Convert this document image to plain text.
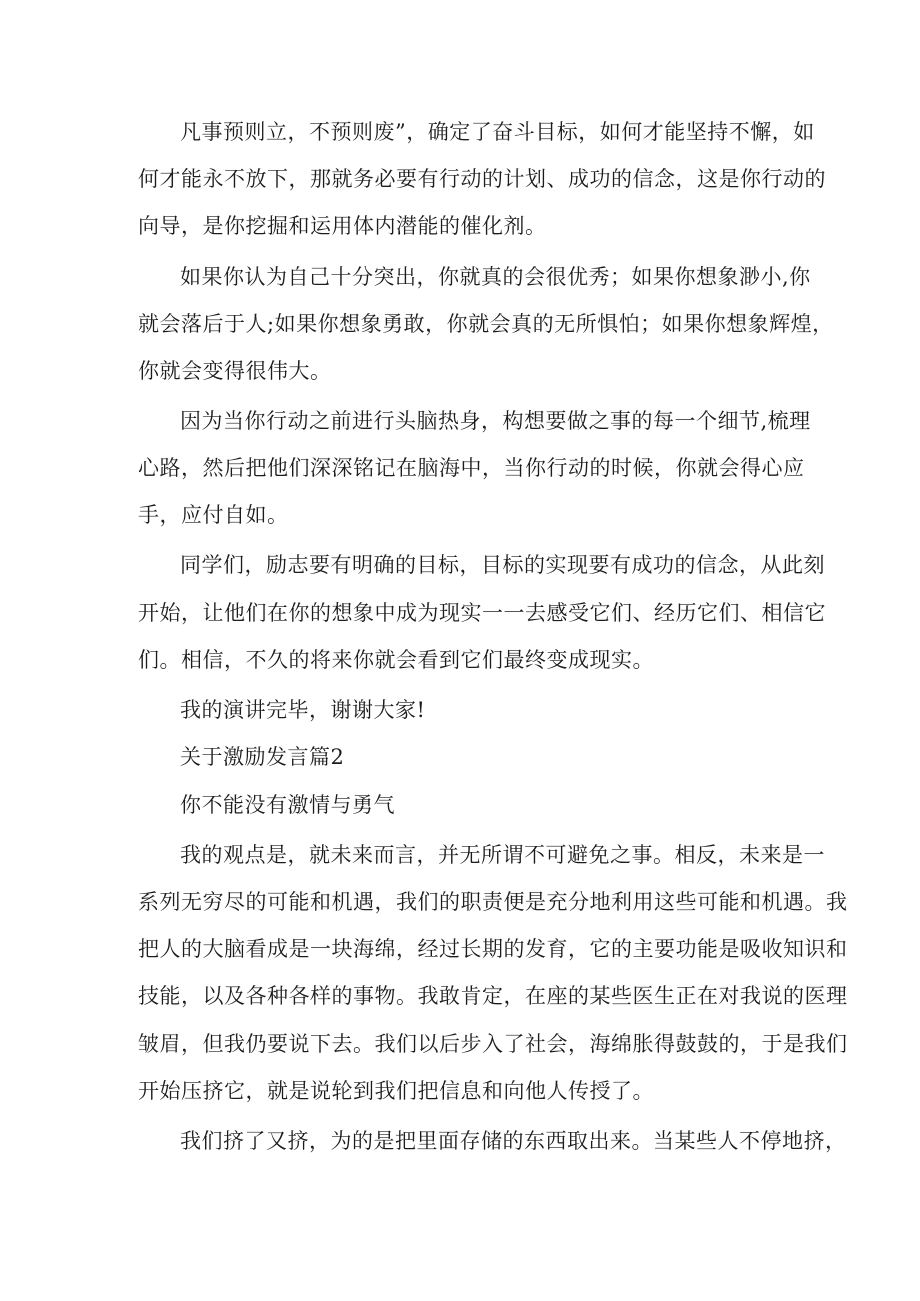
凡事预则立，不预则废”，确定了奋斗目标，如何才能坚持不懈，如

何才能永不放下，那就务必要有行动的计划、成功的信念，这是你行动的

向导，是你挖掘和运用体内潜能的催化剂。

如果你认为自己十分突出，你就真的会很优秀；如果你想象渺小,你

就会落后于人;如果你想象勇敢，你就会真的无所惧怕；如果你想象辉煌，

你就会变得很伟大。

因为当你行动之前进行头脑热身，构想要做之事的每一个细节,梳理

心路，然后把他们深深铭记在脑海中，当你行动的时候，你就会得心应

手，应付自如。

同学们，励志要有明确的目标，目标的实现要有成功的信念，从此刻

开始，让他们在你的想象中成为现实一一去感受它们、经历它们、相信它

们。相信，不久的将来你就会看到它们最终变成现实。

我的演讲完毕，谢谢大家!

关于激励发言篇2

你不能没有激情与勇气

我的观点是，就未来而言，并无所谓不可避免之事。相反，未来是一

系列无穷尽的可能和机遇，我们的职责便是充分地利用这些可能和机遇。我

把人的大脑看成是一块海绵，经过长期的发育，它的主要功能是吸收知识和

技能，以及各种各样的事物。我敢肯定，在座的某些医生正在对我说的医理

皱眉，但我仍要说下去。我们以后步入了社会，海绵胀得鼓鼓的，于是我们

开始压挤它，就是说轮到我们把信息和向他人传授了。

我们挤了又挤，为的是把里面存储的东西取出来。当某些人不停地挤，
